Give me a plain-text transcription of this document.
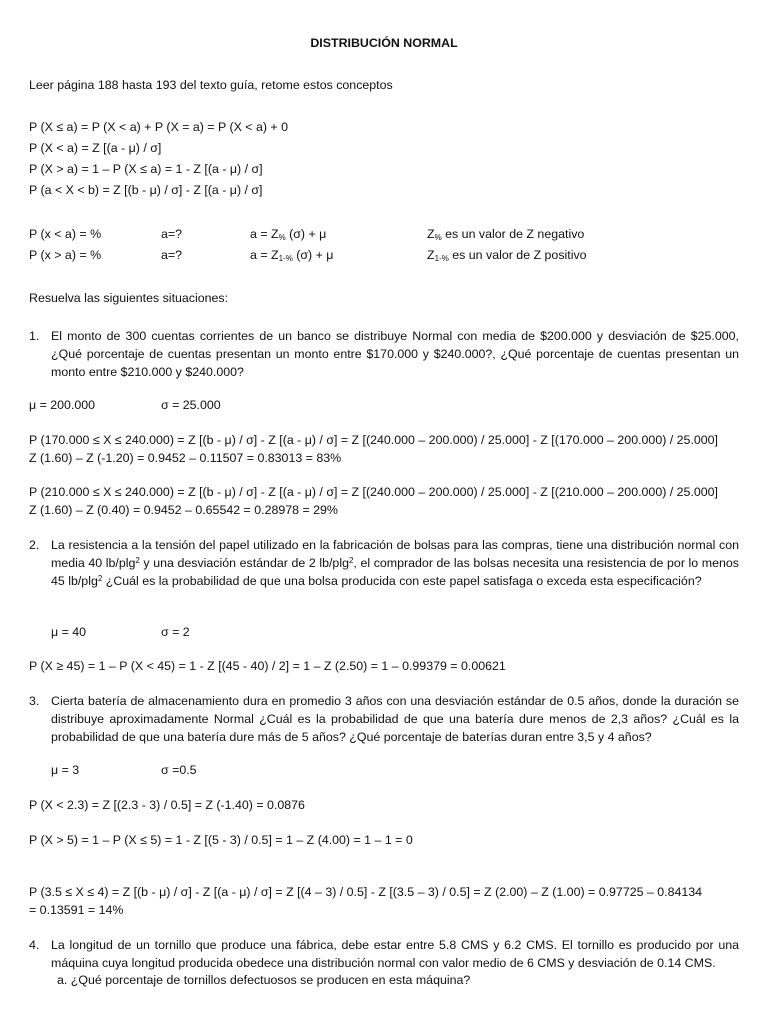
DISTRIBUCIÓN NORMAL
Leer página 188 hasta 193 del texto guía, retome estos conceptos
P (X ≤ a) = P (X < a) + P (X = a) = P (X < a) + 0
P (X < a) = Z [(a - μ) / σ]
P (X > a) = 1 – P (X ≤ a) = 1 - Z [(a - μ) / σ]
P (a < X < b) = Z [(b - μ) / σ] - Z [(a - μ) / σ]
P (x < a) = %	a=?	$a = Z_{\%}$ (σ) + μ	$Z_{\%}$ es un valor de Z negativo
P (x > a) = %	a=?	$a = Z_{1-\%}$ (σ) + μ	$Z_{1-\%}$ es un valor de Z positivo
Resuelva las siguientes situaciones:
1. El monto de 300 cuentas corrientes de un banco se distribuye Normal con media de $200.000 y desviación de $25.000, ¿Qué porcentaje de cuentas presentan un monto entre $170.000 y $240.000?, ¿Qué porcentaje de cuentas presentan un monto entre $210.000 y $240.000?
μ = 200.000	σ = 25.000
P (170.000 ≤ X ≤ 240.000) = Z [(b - μ) / σ] - Z [(a - μ) / σ] = Z [(240.000 – 200.000) / 25.000] - Z [(170.000 – 200.000) / 25.000]
Z (1.60) – Z (-1.20) = 0.9452 – 0.11507 = 0.83013 = 83%
P (210.000 ≤ X ≤ 240.000) = Z [(b - μ) / σ] - Z [(a - μ) / σ] = Z [(240.000 – 200.000) / 25.000] - Z [(210.000 – 200.000) / 25.000]
Z (1.60) – Z (0.40) = 0.9452 – 0.65542 = 0.28978 = 29%
2. La resistencia a la tensión del papel utilizado en la fabricación de bolsas para las compras, tiene una distribución normal con media 40 lb/plg$^2$ y una desviación estándar de 2 lb/plg$^2$, el comprador de las bolsas necesita una resistencia de por lo menos 45 lb/plg$^2$ ¿Cuál es la probabilidad de que una bolsa producida con este papel satisfaga o exceda esta especificación?
μ = 40	σ = 2
P (X ≥ 45) = 1 – P (X < 45) = 1 - Z [(45 - 40) / 2] = 1 – Z (2.50) = 1 – 0.99379 = 0.00621
3. Cierta batería de almacenamiento dura en promedio 3 años con una desviación estándar de 0.5 años, donde la duración se distribuye aproximadamente Normal ¿Cuál es la probabilidad de que una batería dure menos de 2,3 años? ¿Cuál es la probabilidad de que una batería dure más de 5 años? ¿Qué porcentaje de baterías duran entre 3,5 y 4 años?
μ = 3	σ =0.5
P (X < 2.3) = Z [(2.3 - 3) / 0.5] = Z (-1.40) = 0.0876
P (X > 5) = 1 – P (X ≤ 5) = 1 - Z [(5 - 3) / 0.5] = 1 – Z (4.00) = 1 – 1 = 0
P (3.5 ≤ X ≤ 4) = Z [(b - μ) / σ] - Z [(a - μ) / σ] = Z [(4 – 3) / 0.5] - Z [(3.5 – 3) / 0.5] = Z (2.00) – Z (1.00) = 0.97725 – 0.84134
= 0.13591 = 14%
4. La longitud de un tornillo que produce una fábrica, debe estar entre 5.8 CMS y 6.2 CMS. El tornillo es producido por una máquina cuya longitud producida obedece una distribución normal con valor medio de 6 CMS y desviación de 0.14 CMS.
a. ¿Qué porcentaje de tornillos defectuosos se producen en esta máquina?
